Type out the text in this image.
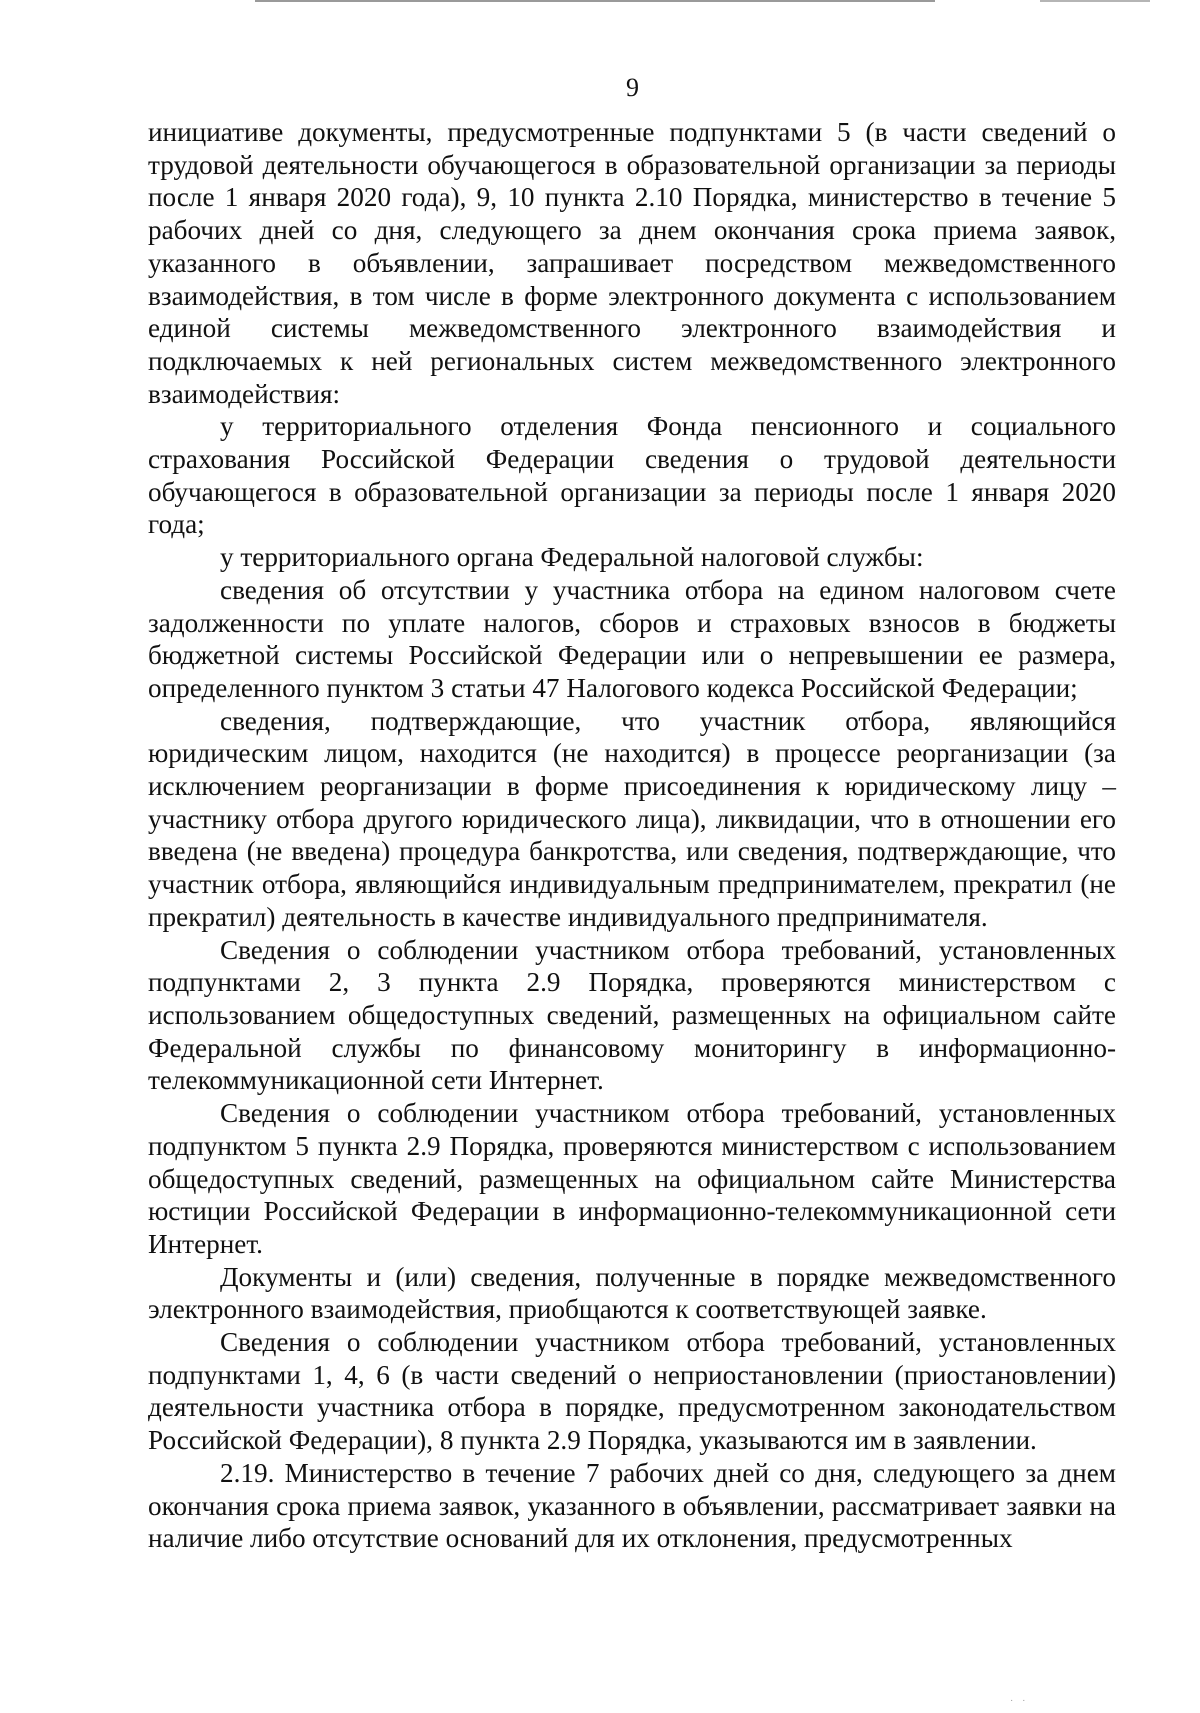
9

инициативе документы, предусмотренные подпунктами 5 (в части сведений о трудовой деятельности обучающегося в образовательной организации за периоды после 1 января 2020 года), 9, 10 пункта 2.10 Порядка, министерство в течение 5 рабочих дней со дня, следующего за днем окончания срока приема заявок, указанного в объявлении, запрашивает посредством межведомственного взаимодействия, в том числе в форме электронного документа с использованием единой системы межведомственного электронного взаимодействия и подключаемых к ней региональных систем межведомственного электронного взаимодействия:

у территориального отделения Фонда пенсионного и социального страхования Российской Федерации сведения о трудовой деятельности обучающегося в образовательной организации за периоды после 1 января 2020 года;

у территориального органа Федеральной налоговой службы:

сведения об отсутствии у участника отбора на едином налоговом счете задолженности по уплате налогов, сборов и страховых взносов в бюджеты бюджетной системы Российской Федерации или о непревышении ее размера, определенного пунктом 3 статьи 47 Налогового кодекса Российской Федерации;

сведения, подтверждающие, что участник отбора, являющийся юридическим лицом, находится (не находится) в процессе реорганизации (за исключением реорганизации в форме присоединения к юридическому лицу – участнику отбора другого юридического лица), ликвидации, что в отношении его введена (не введена) процедура банкротства, или сведения, подтверждающие, что участник отбора, являющийся индивидуальным предпринимателем, прекратил (не прекратил) деятельность в качестве индивидуального предпринимателя.

Сведения о соблюдении участником отбора требований, установленных подпунктами 2, 3 пункта 2.9 Порядка, проверяются министерством с использованием общедоступных сведений, размещенных на официальном сайте Федеральной службы по финансовому мониторингу в информационно-телекоммуникационной сети Интернет.

Сведения о соблюдении участником отбора требований, установленных подпунктом 5 пункта 2.9 Порядка, проверяются министерством с использованием общедоступных сведений, размещенных на официальном сайте Министерства юстиции Российской Федерации в информационно-телекоммуникационной сети Интернет.

Документы и (или) сведения, полученные в порядке межведомственного электронного взаимодействия, приобщаются к соответствующей заявке.

Сведения о соблюдении участником отбора требований, установленных подпунктами 1, 4, 6 (в части сведений о неприостановлении (приостановлении) деятельности участника отбора в порядке, предусмотренном законодательством Российской Федерации), 8 пункта 2.9 Порядка, указываются им в заявлении.

2.19. Министерство в течение 7 рабочих дней со дня, следующего за днем окончания срока приема заявок, указанного в объявлении, рассматривает заявки на наличие либо отсутствие оснований для их отклонения, предусмотренных

· ·
